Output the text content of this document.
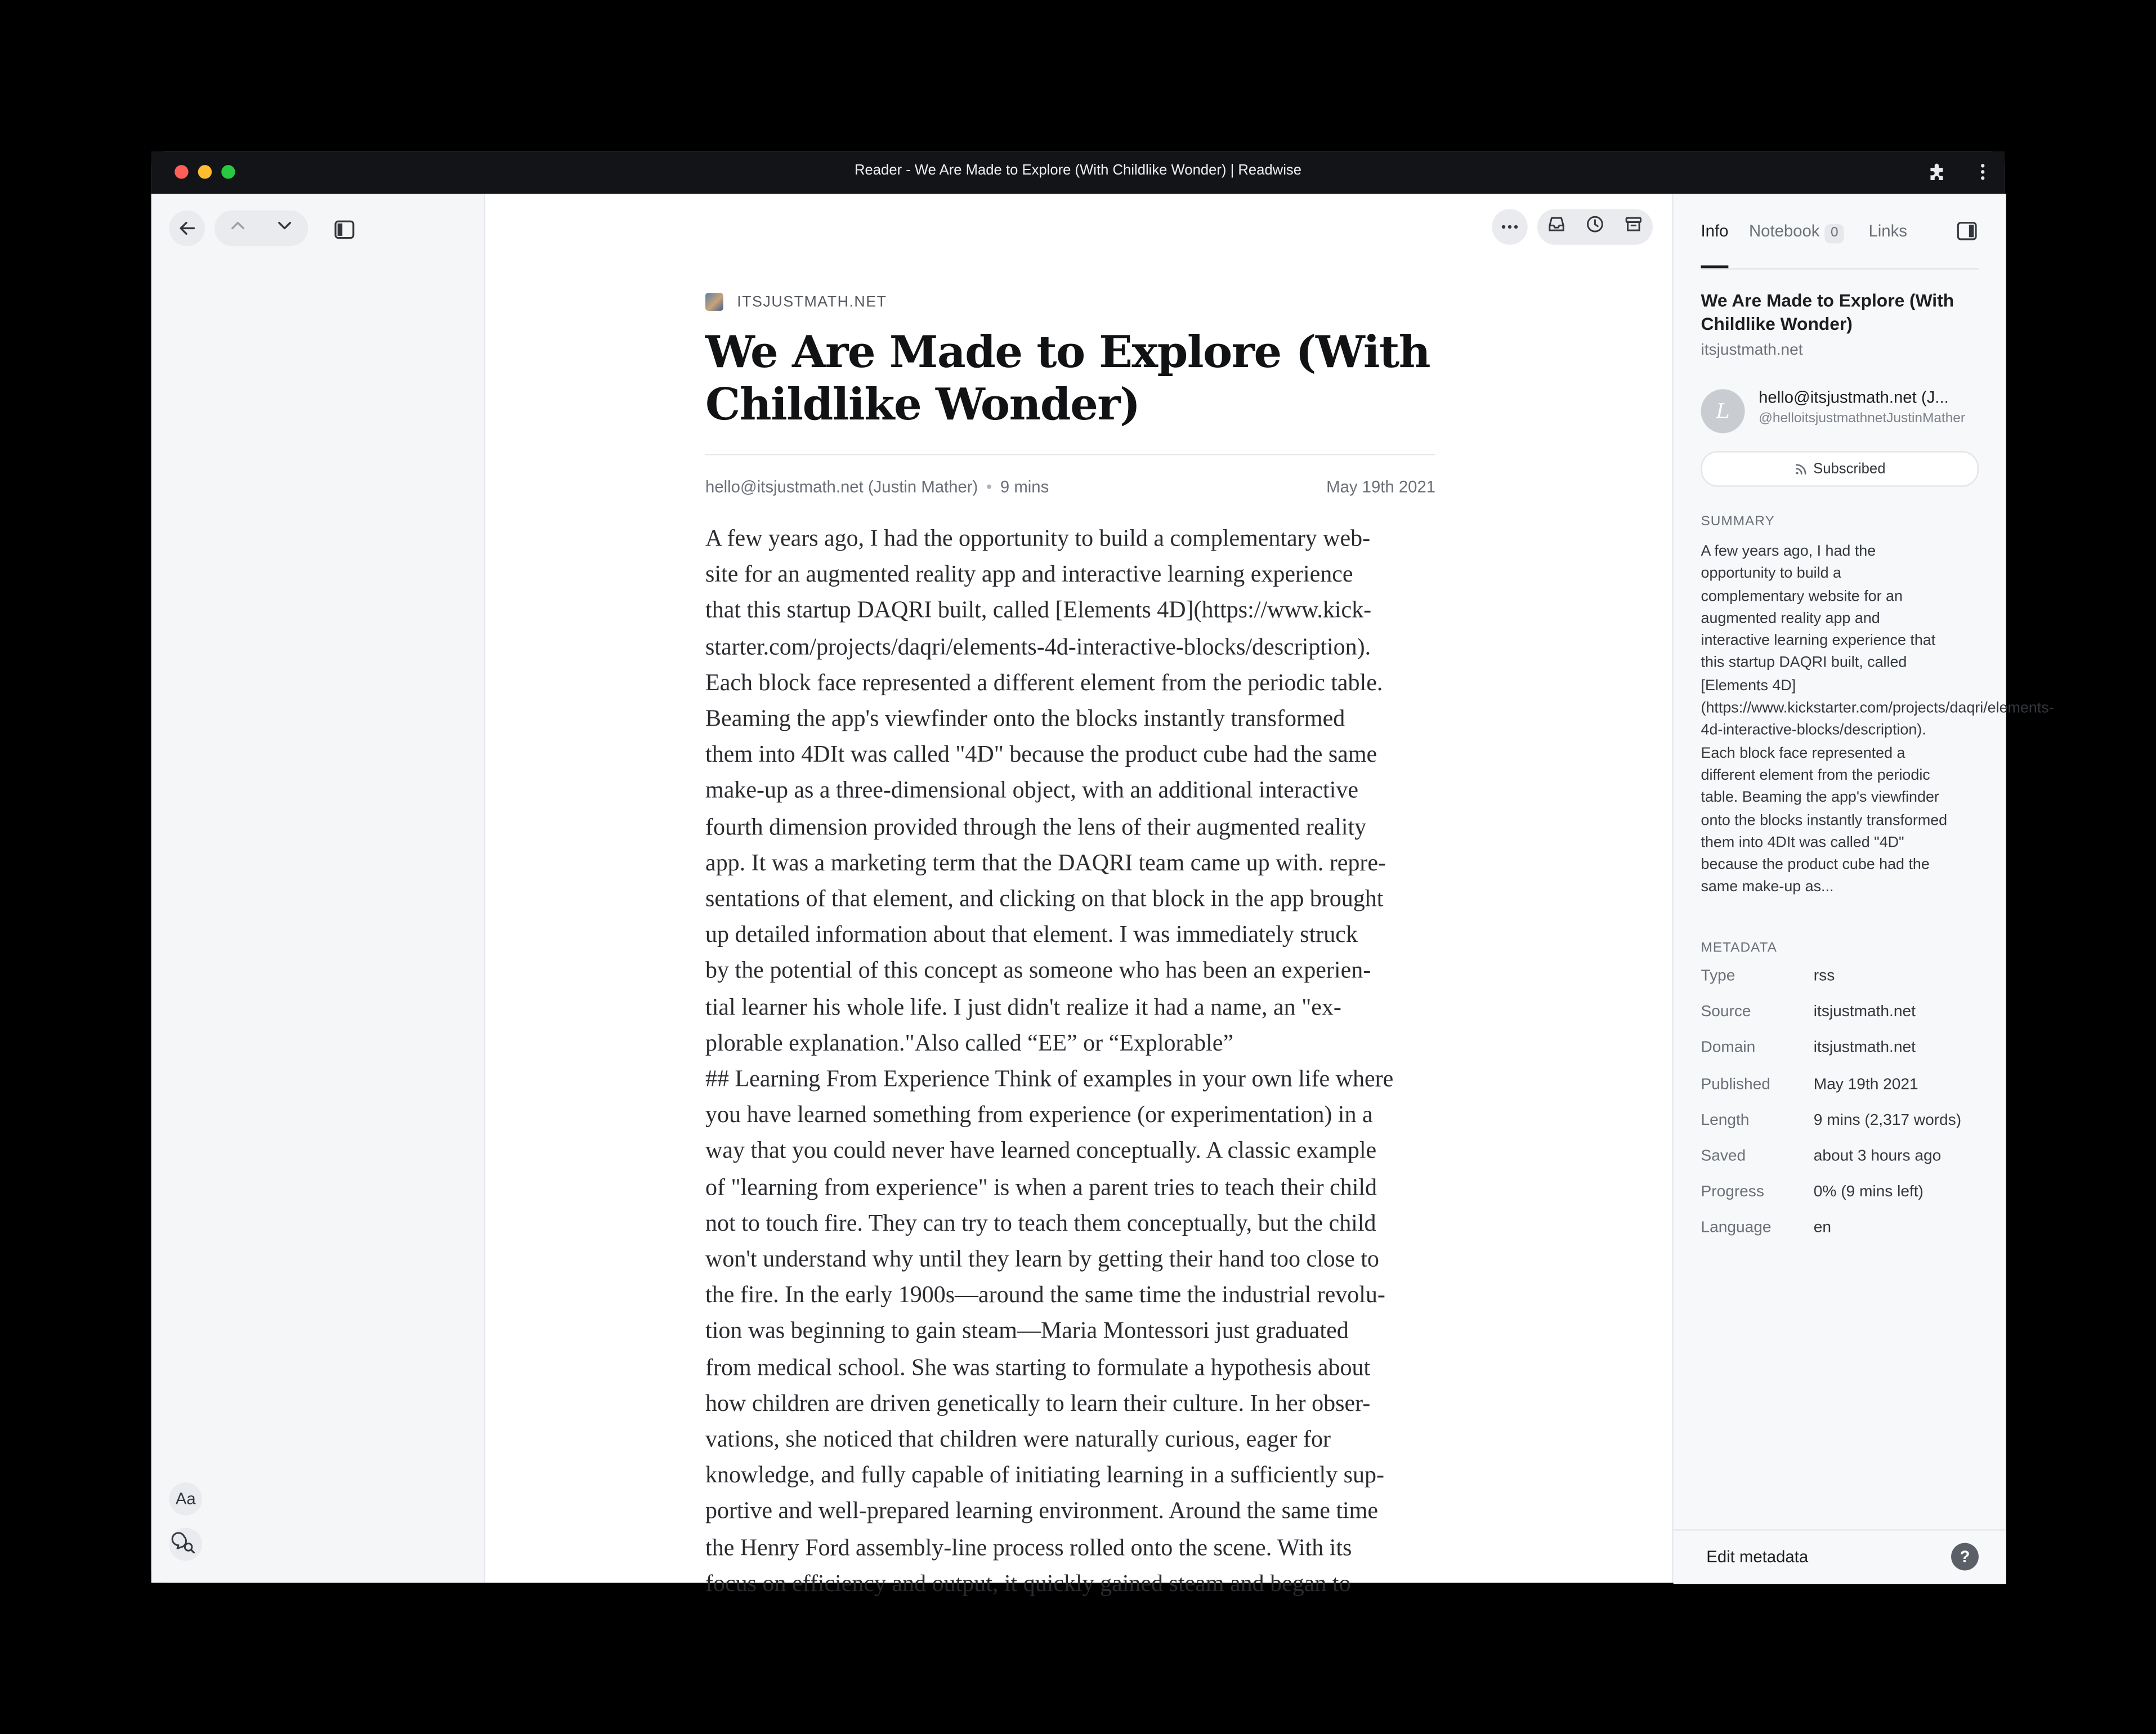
Reader - We Are Made to Explore (With Childlike Wonder) | Readwise
Aa
ITSJUSTMATH.NET
We Are Made to Explore (With Childlike Wonder)
hello@itsjustmath.net (Justin Mather) • 9 mins	May 19th 2021
A few years ago, I had the opportunity to build a complementary web-
site for an augmented reality app and interactive learning experience
that this startup DAQRI built, called [Elements 4D](https://www.kick-
starter.com/projects/daqri/elements-4d-interactive-blocks/description).
Each block face represented a different element from the periodic table.
Beaming the app's viewfinder onto the blocks instantly transformed
them into 4DIt was called "4D" because the product cube had the same
make-up as a three-dimensional object, with an additional interactive
fourth dimension provided through the lens of their augmented reality
app. It was a marketing term that the DAQRI team came up with. repre-
sentations of that element, and clicking on that block in the app brought
up detailed information about that element. I was immediately struck
by the potential of this concept as someone who has been an experien-
tial learner his whole life. I just didn't realize it had a name, an "ex-
plorable explanation."Also called “EE” or “Explorable”
## Learning From Experience Think of examples in your own life where
you have learned something from experience (or experimentation) in a
way that you could never have learned conceptually. A classic example
of "learning from experience" is when a parent tries to teach their child
not to touch fire. They can try to teach them conceptually, but the child
won't understand why until they learn by getting their hand too close to
the fire. In the early 1900s—around the same time the industrial revolu-
tion was beginning to gain steam—Maria Montessori just graduated
from medical school. She was starting to formulate a hypothesis about
how children are driven genetically to learn their culture. In her obser-
vations, she noticed that children were naturally curious, eager for
knowledge, and fully capable of initiating learning in a sufficiently sup-
portive and well-prepared learning environment. Around the same time
the Henry Ford assembly-line process rolled onto the scene. With its
focus on efficiency and output, it quickly gained steam and began to
Info	Notebook 0	Links
We Are Made to Explore (With Childlike Wonder)
itsjustmath.net
L
hello@itsjustmath.net (J...
@helloitsjustmathnetJustinMather
Subscribed
SUMMARY
A few years ago, I had the
opportunity to build a
complementary website for an
augmented reality app and
interactive learning experience that
this startup DAQRI built, called
[Elements 4D]
(https://www.kickstarter.com/projects/daqri/elements-
4d-interactive-blocks/description).
Each block face represented a
different element from the periodic
table. Beaming the app's viewfinder
onto the blocks instantly transformed
them into 4DIt was called "4D"
because the product cube had the
same make-up as...
METADATA
Type	rss
Source	itsjustmath.net
Domain	itsjustmath.net
Published	May 19th 2021
Length	9 mins (2,317 words)
Saved	about 3 hours ago
Progress	0% (9 mins left)
Language	en
Edit metadata	?
